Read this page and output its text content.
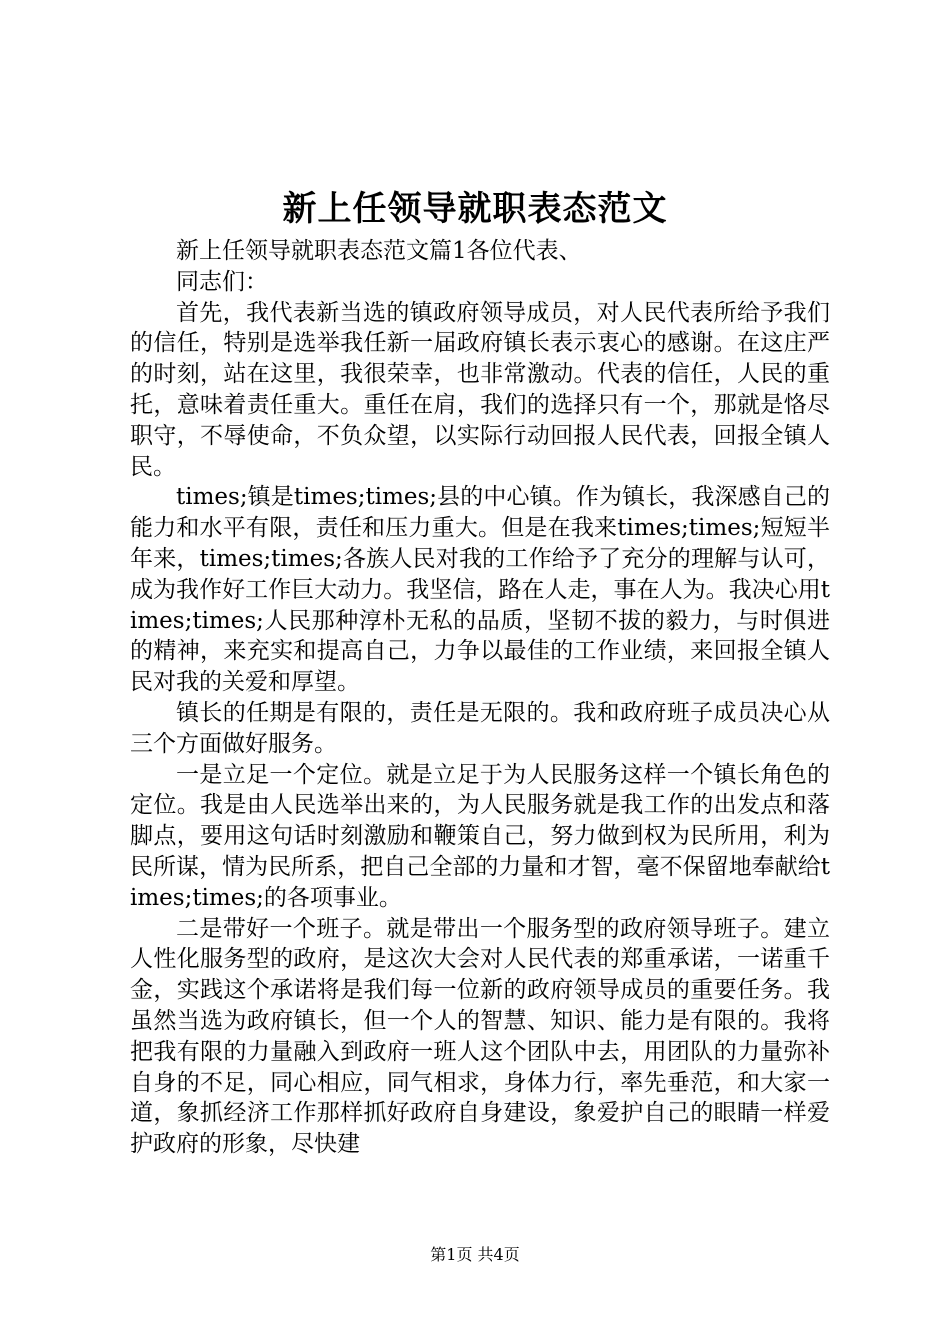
新上任领导就职表态范文

新上任领导就职表态范文篇1各位代表、

同志们：

首先，我代表新当选的镇政府领导成员，对人民代表所给予我们的信任，特别是选举我任新一届政府镇长表示衷心的感谢。在这庄严的时刻，站在这里，我很荣幸，也非常激动。代表的信任，人民的重托，意味着责任重大。重任在肩，我们的选择只有一个，那就是恪尽职守，不辱使命，不负众望，以实际行动回报人民代表，回报全镇人民。

times;镇是times;times;县的中心镇。作为镇长，我深感自己的能力和水平有限，责任和压力重大。但是在我来times;times;短短半年来，times;times;各族人民对我的工作给予了充分的理解与认可，成为我作好工作巨大动力。我坚信，路在人走，事在人为。我决心用times;times;人民那种淳朴无私的品质，坚韧不拔的毅力，与时俱进的精神，来充实和提高自己，力争以最佳的工作业绩，来回报全镇人民对我的关爱和厚望。

镇长的任期是有限的，责任是无限的。我和政府班子成员决心从三个方面做好服务。

一是立足一个定位。就是立足于为人民服务这样一个镇长角色的定位。我是由人民选举出来的，为人民服务就是我工作的出发点和落脚点，要用这句话时刻激励和鞭策自己，努力做到权为民所用，利为民所谋，情为民所系，把自己全部的力量和才智，毫不保留地奉献给times;times;的各项事业。

二是带好一个班子。就是带出一个服务型的政府领导班子。建立人性化服务型的政府，是这次大会对人民代表的郑重承诺，一诺重千金，实践这个承诺将是我们每一位新的政府领导成员的重要任务。我虽然当选为政府镇长，但一个人的智慧、知识、能力是有限的。我将把我有限的力量融入到政府一班人这个团队中去，用团队的力量弥补自身的不足，同心相应，同气相求，身体力行，率先垂范，和大家一道，象抓经济工作那样抓好政府自身建设，象爱护自己的眼睛一样爱护政府的形象，尽快建

第1页 共4页
